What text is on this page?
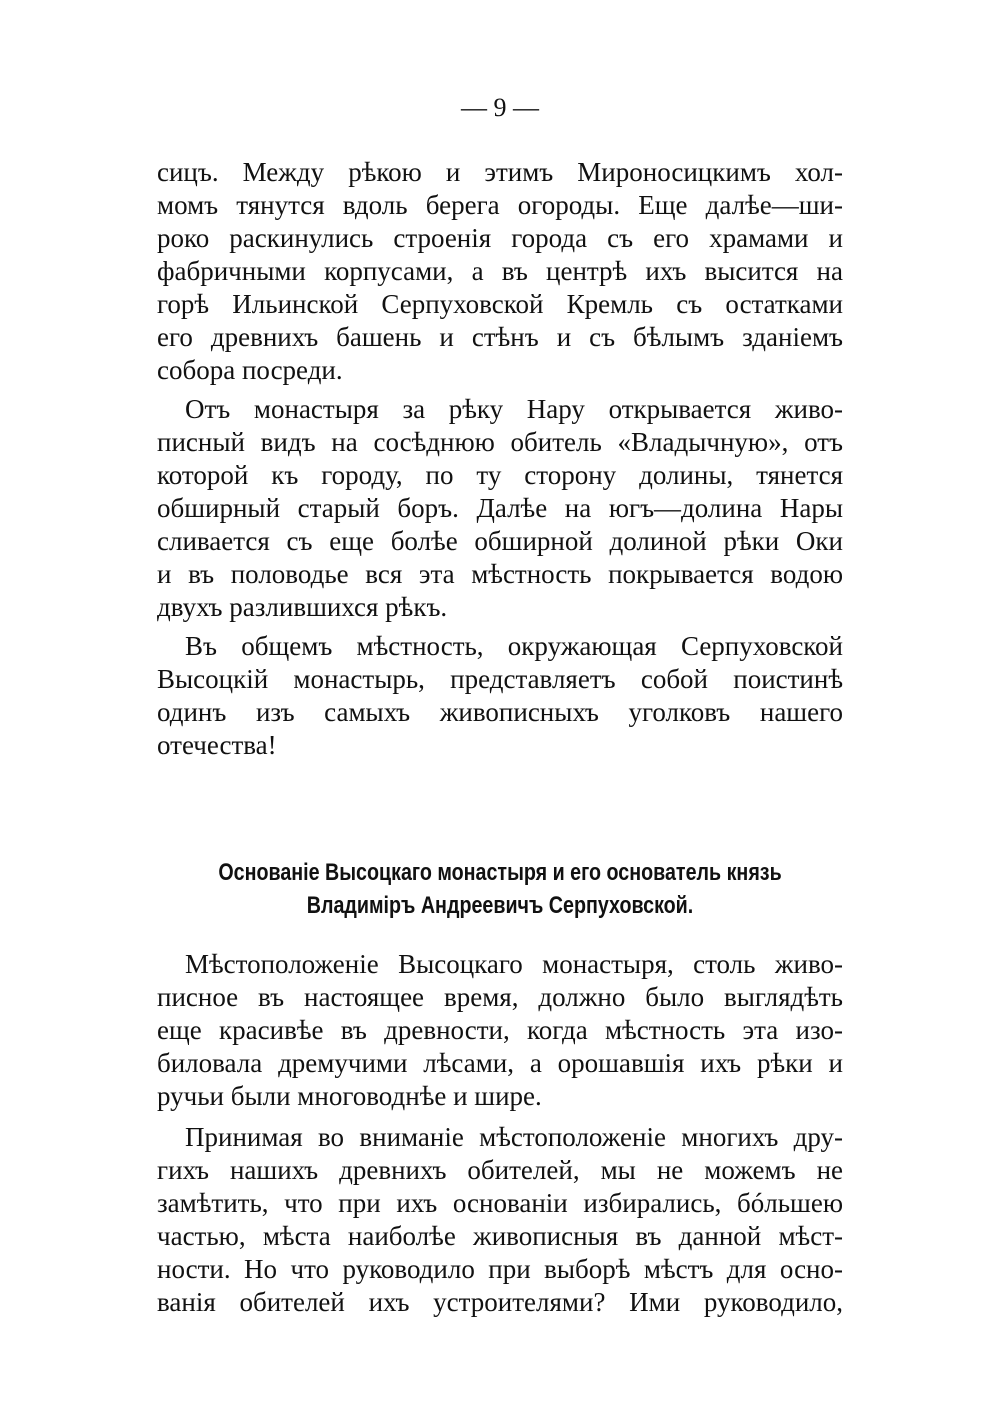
— 9 —
сицъ. Между рѣкою и этимъ Мироносицкимъ хол-
момъ тянутся вдоль берега огороды. Еще далѣе—ши-
роко раскинулись строенія города съ его храмами и
фабричными корпусами, а въ центрѣ ихъ высится на
горѣ Ильинской Серпуховской Кремль съ остатками
его древнихъ башень и стѣнъ и съ бѣлымъ зданіемъ
собора посреди.
Отъ монастыря за рѣку Нару открывается живо-
писный видъ на сосѣднюю обитель «Владычную», отъ
которой къ городу, по ту сторону долины, тянется
обширный старый боръ. Далѣе на югъ—долина Нары
сливается съ еще болѣе обширной долиной рѣки Оки
и въ половодье вся эта мѣстность покрывается водою
двухъ разлившихся рѣкъ.
Въ общемъ мѣстность, окружающая Серпуховской
Высоцкій монастырь, представляетъ собой поистинѣ
одинъ изъ самыхъ живописныхъ уголковъ нашего
отечества!
Основаніе Высоцкаго монастыря и его основатель князь
Владиміръ Андреевичъ Серпуховской.
Мѣстоположеніе Высоцкаго монастыря, столь живо-
писное въ настоящее время, должно было выглядѣть
еще красивѣе въ древности, когда мѣстность эта изо-
биловала дремучими лѣсами, а орошавшія ихъ рѣки и
ручьи были многоводнѣе и шире.
Принимая во вниманіе мѣстоположеніе многихъ дру-
гихъ нашихъ древнихъ обителей, мы не можемъ не
замѣтить, что при ихъ основаніи избирались, бóльшею
частью, мѣста наиболѣе живописныя въ данной мѣст-
ности. Но что руководило при выборѣ мѣстъ для осно-
ванія обителей ихъ устроителями? Ими руководило,
